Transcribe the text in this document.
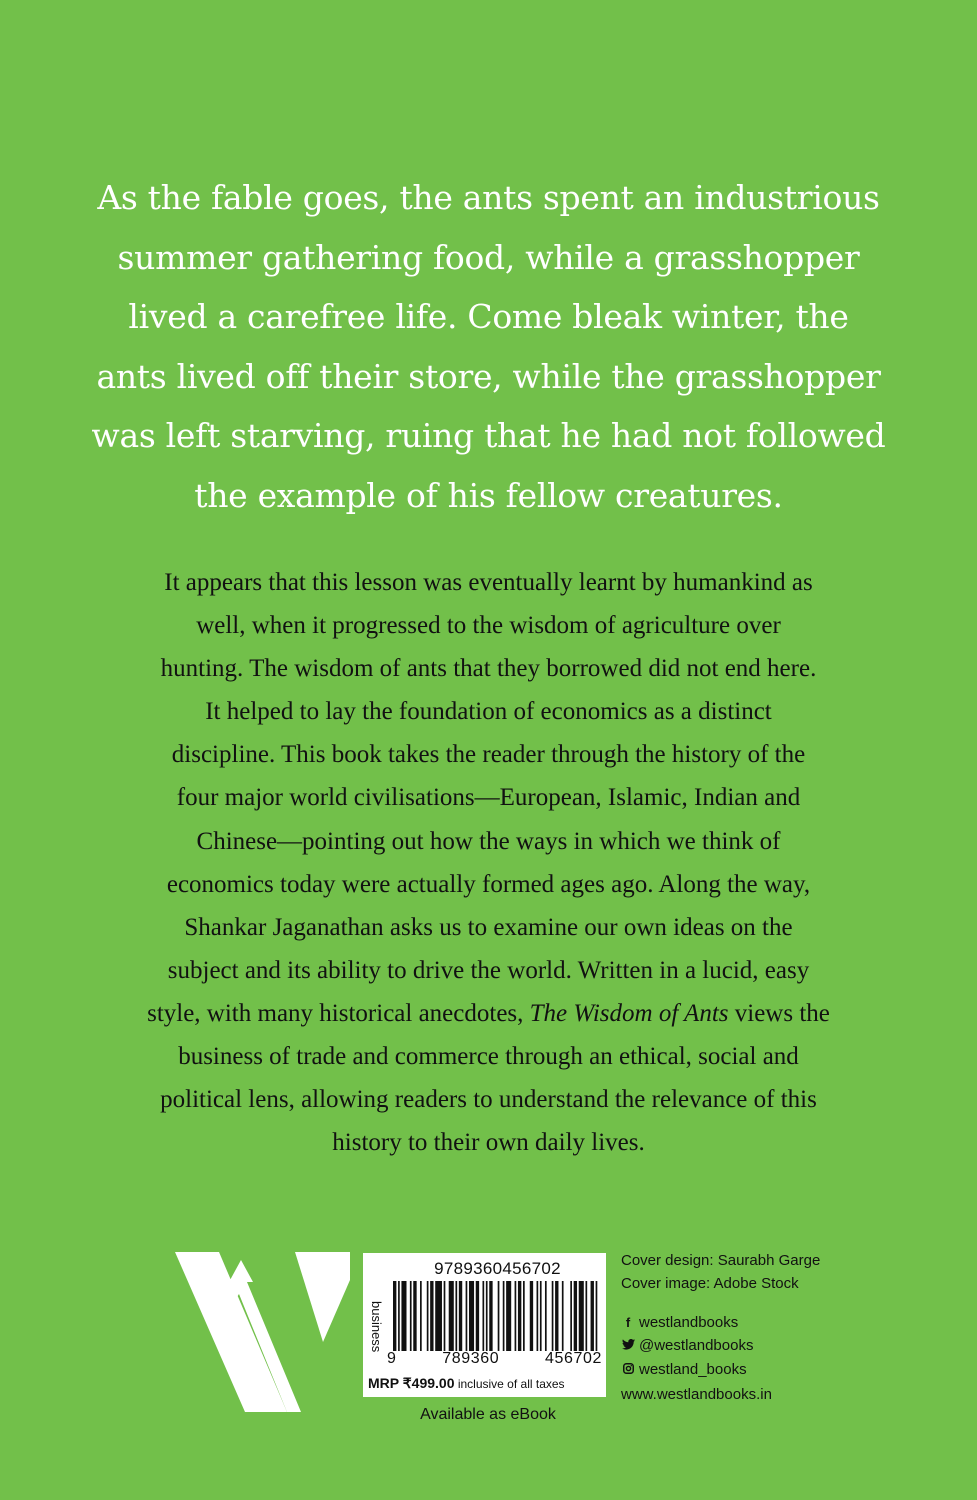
As the fable goes, the ants spent an industrious
summer gathering food, while a grasshopper
lived a carefree life. Come bleak winter, the
ants lived off their store, while the grasshopper
was left starving, ruing that he had not followed
the example of his fellow creatures.
It appears that this lesson was eventually learnt by humankind as
well, when it progressed to the wisdom of agriculture over
hunting. The wisdom of ants that they borrowed did not end here.
It helped to lay the foundation of economics as a distinct
discipline. This book takes the reader through the history of the
four major world civilisations—European, Islamic, Indian and
Chinese—pointing out how the ways in which we think of
economics today were actually formed ages ago. Along the way,
Shankar Jaganathan asks us to examine our own ideas on the
subject and its ability to drive the world. Written in a lucid, easy
style, with many historical anecdotes, The Wisdom of Ants views the
business of trade and commerce through an ethical, social and
political lens, allowing readers to understand the relevance of this
history to their own daily lives.
business
9789360456702
9	789360	456702
MRP ₹499.00 inclusive of all taxes
Available as eBook
Cover design: Saurabh Garge
Cover image: Adobe Stock
f westlandbooks
@westlandbooks
westland_books
www.westlandbooks.in
